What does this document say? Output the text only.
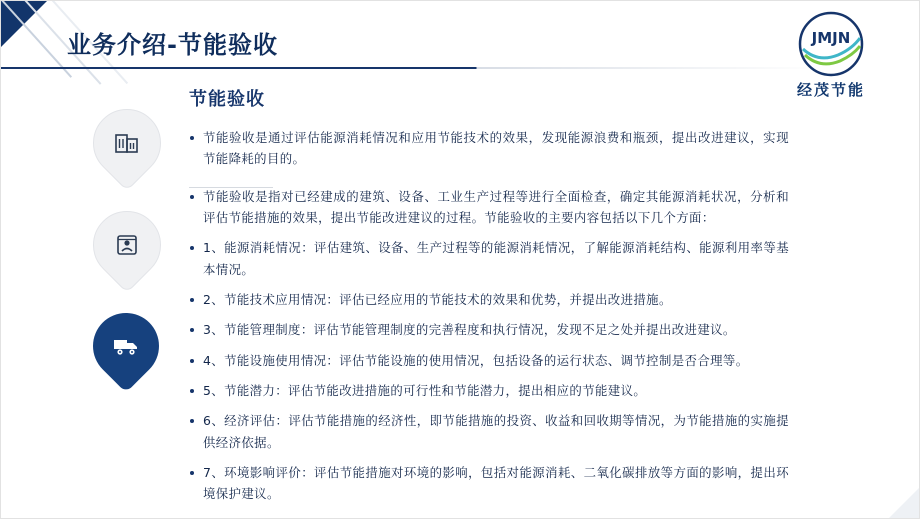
业务介绍-节能验收	JMJN
经茂节能
节能验收

节能验收是通过评估能源消耗情况和应用节能技术的效果，发现能源浪费和瓶颈，提出改进建议，实现节能降耗的目的。

节能验收是指对已经建成的建筑、设备、工业生产过程等进行全面检查，确定其能源消耗状况，分析和评估节能措施的效果，提出节能改进建议的过程。节能验收的主要内容包括以下几个方面：

1、能源消耗情况：评估建筑、设备、生产过程等的能源消耗情况，了解能源消耗结构、能源利用率等基本情况。

2、节能技术应用情况：评估已经应用的节能技术的效果和优势，并提出改进措施。

3、节能管理制度：评估节能管理制度的完善程度和执行情况，发现不足之处并提出改进建议。

4、节能设施使用情况：评估节能设施的使用情况，包括设备的运行状态、调节控制是否合理等。

5、节能潜力：评估节能改进措施的可行性和节能潜力，提出相应的节能建议。

6、经济评估：评估节能措施的经济性，即节能措施的投资、收益和回收期等情况，为节能措施的实施提供经济依据。

7、环境影响评价：评估节能措施对环境的影响，包括对能源消耗、二氧化碳排放等方面的影响，提出环境保护建议。
